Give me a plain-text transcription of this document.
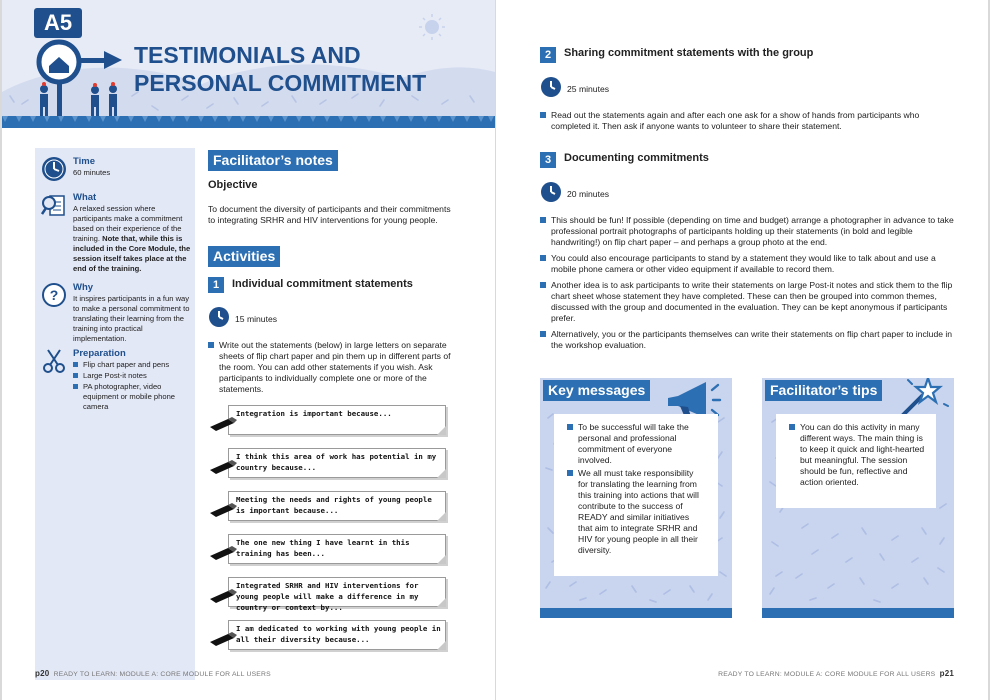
A5
TESTIMONIALS AND
PERSONAL COMMITMENT
Time
60 minutes
What
A relaxed session where participants make a commitment based on their experience of the training. Note that, while this is included in the Core Module, the session itself takes place at the end of the training.
? Why
It inspires participants in a fun way to make a personal commitment to translating their learning from the training into practical implementation.
Preparation
Flip chart paper and pens
Large Post-it notes
PA photographer, video equipment or mobile phone camera
Facilitator’s notes
Objective
To document the diversity of participants and their commitments to integrating SRHR and HIV interventions for young people.
Activities
1	Individual commitment statements
15 minutes
Write out the statements (below) in large letters on separate sheets of flip chart paper and pin them up in different parts of the room. You can add other statements if you wish. Ask participants to individually complete one or more of the statements.
Integration is important because...
I think this area of work has potential in my country because...
Meeting the needs and rights of young people is important because...
The one new thing I have learnt in this training has been...
Integrated SRHR and HIV interventions for young people will make a difference in my country or context by...
I am dedicated to working with young people in all their diversity because...
p20 READY TO LEARN: MODULE A: CORE MODULE FOR ALL USERS
2	Sharing commitment statements with the group
25 minutes
Read out the statements again and after each one ask for a show of hands from participants who completed it. Then ask if anyone wants to volunteer to share their statement.
3	Documenting commitments
20 minutes
This should be fun! If possible (depending on time and budget) arrange a photographer in advance to take professional portrait photographs of participants holding up their statements (in bold and legible handwriting!) on flip chart paper – and perhaps a group photo at the end.
You could also encourage participants to stand by a statement they would like to talk about and use a mobile phone camera or other video equipment if available to record them.
Another idea is to ask participants to write their statements on large Post-it notes and stick them to the flip chart sheet whose statement they have completed. These can then be grouped into common themes, discussed with the group and documented in the evaluation. They can be kept anonymous if participants prefer.
Alternatively, you or the participants themselves can write their statements on flip chart paper to include in the workshop evaluation.
Key messages
To be successful will take the personal and professional commitment of everyone involved.
We all must take responsibility for translating the learning from this training into actions that will contribute to the success of READY and similar initiatives that aim to integrate SRHR and HIV for young people in all their diversity.
Facilitator’s tips
You can do this activity in many different ways. The main thing is to keep it quick and light-hearted but meaningful. The session should be fun, reflective and action oriented.
READY TO LEARN: MODULE A: CORE MODULE FOR ALL USERS p21
